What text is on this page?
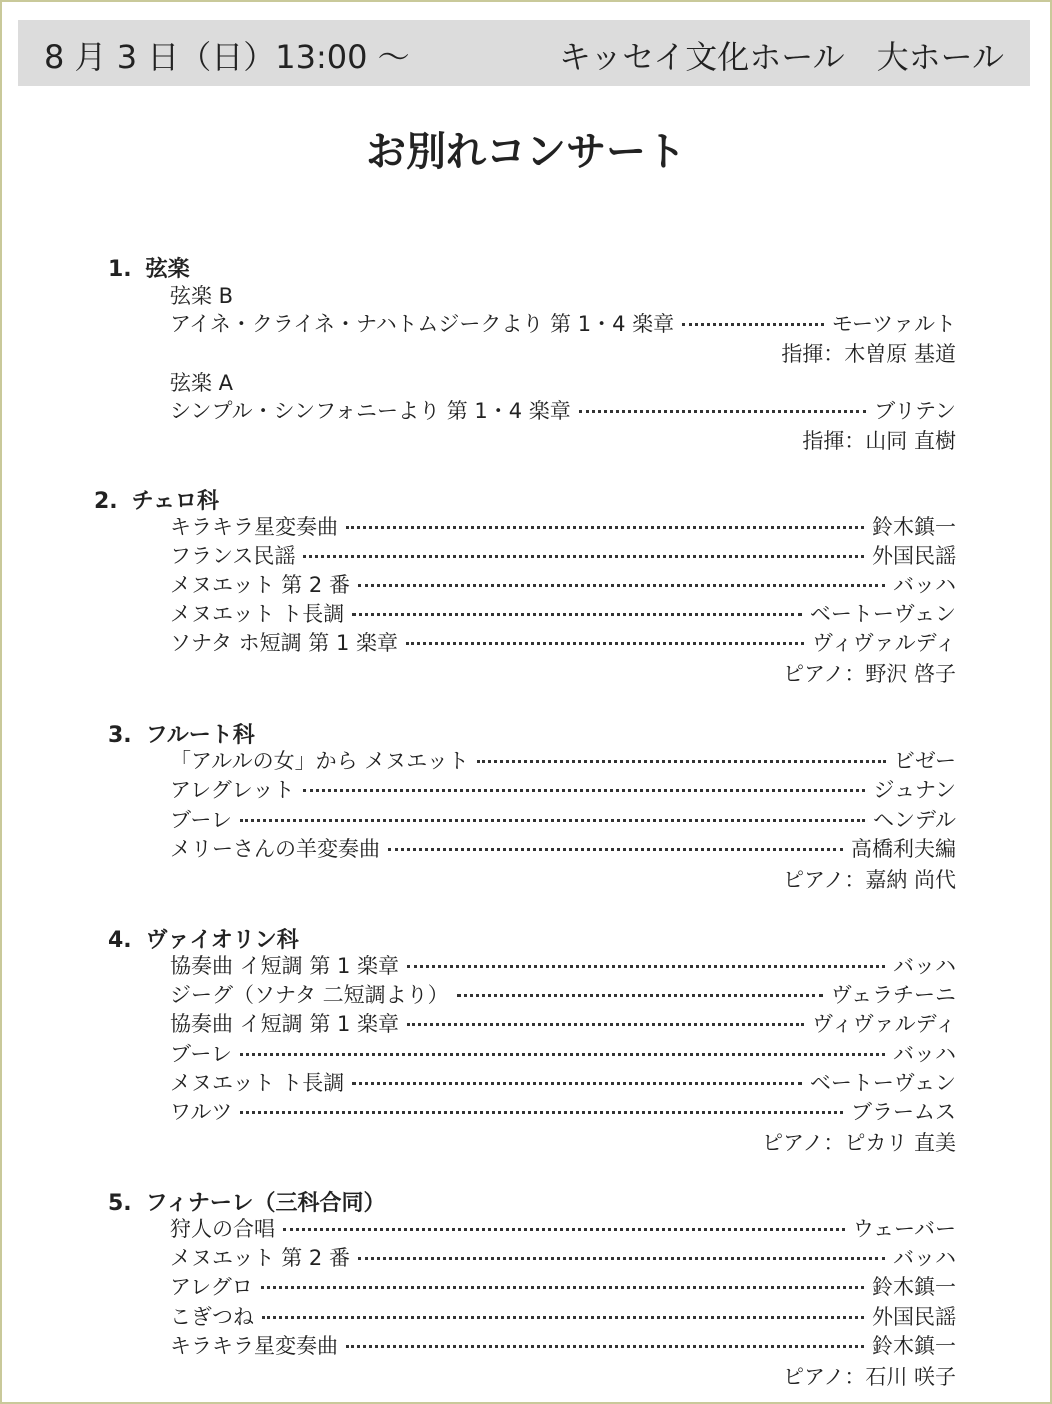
8 月 3 日（日）13:00 ～	キッセイ文化ホール　大ホール
お別れコンサート
1. 弦楽
弦楽 B
アイネ・クライネ・ナハトムジークより 第 1・4 楽章	モーツァルト
指揮：木曽原 基道
弦楽 A
シンプル・シンフォニーより 第 1・4 楽章	ブリテン
指揮：山同 直樹
2. チェロ科
キラキラ星変奏曲	鈴木鎮一
フランス民謡	外国民謡
メヌエット 第 2 番	バッハ
メヌエット ト長調	ベートーヴェン
ソナタ ホ短調 第 1 楽章	ヴィヴァルディ
ピアノ：野沢 啓子
3. フルート科
「アルルの女」から メヌエット	ビゼー
アレグレット	ジュナン
ブーレ	ヘンデル
メリーさんの羊変奏曲	高橋利夫編
ピアノ：嘉納 尚代
4. ヴァイオリン科
協奏曲 イ短調 第 1 楽章	バッハ
ジーグ（ソナタ 二短調より）	ヴェラチーニ
協奏曲 イ短調 第 1 楽章	ヴィヴァルディ
ブーレ	バッハ
メヌエット ト長調	ベートーヴェン
ワルツ	ブラームス
ピアノ：ピカリ 直美
5. フィナーレ（三科合同）
狩人の合唱	ウェーバー
メヌエット 第 2 番	バッハ
アレグロ	鈴木鎮一
こぎつね	外国民謡
キラキラ星変奏曲	鈴木鎮一
ピアノ：石川 咲子
